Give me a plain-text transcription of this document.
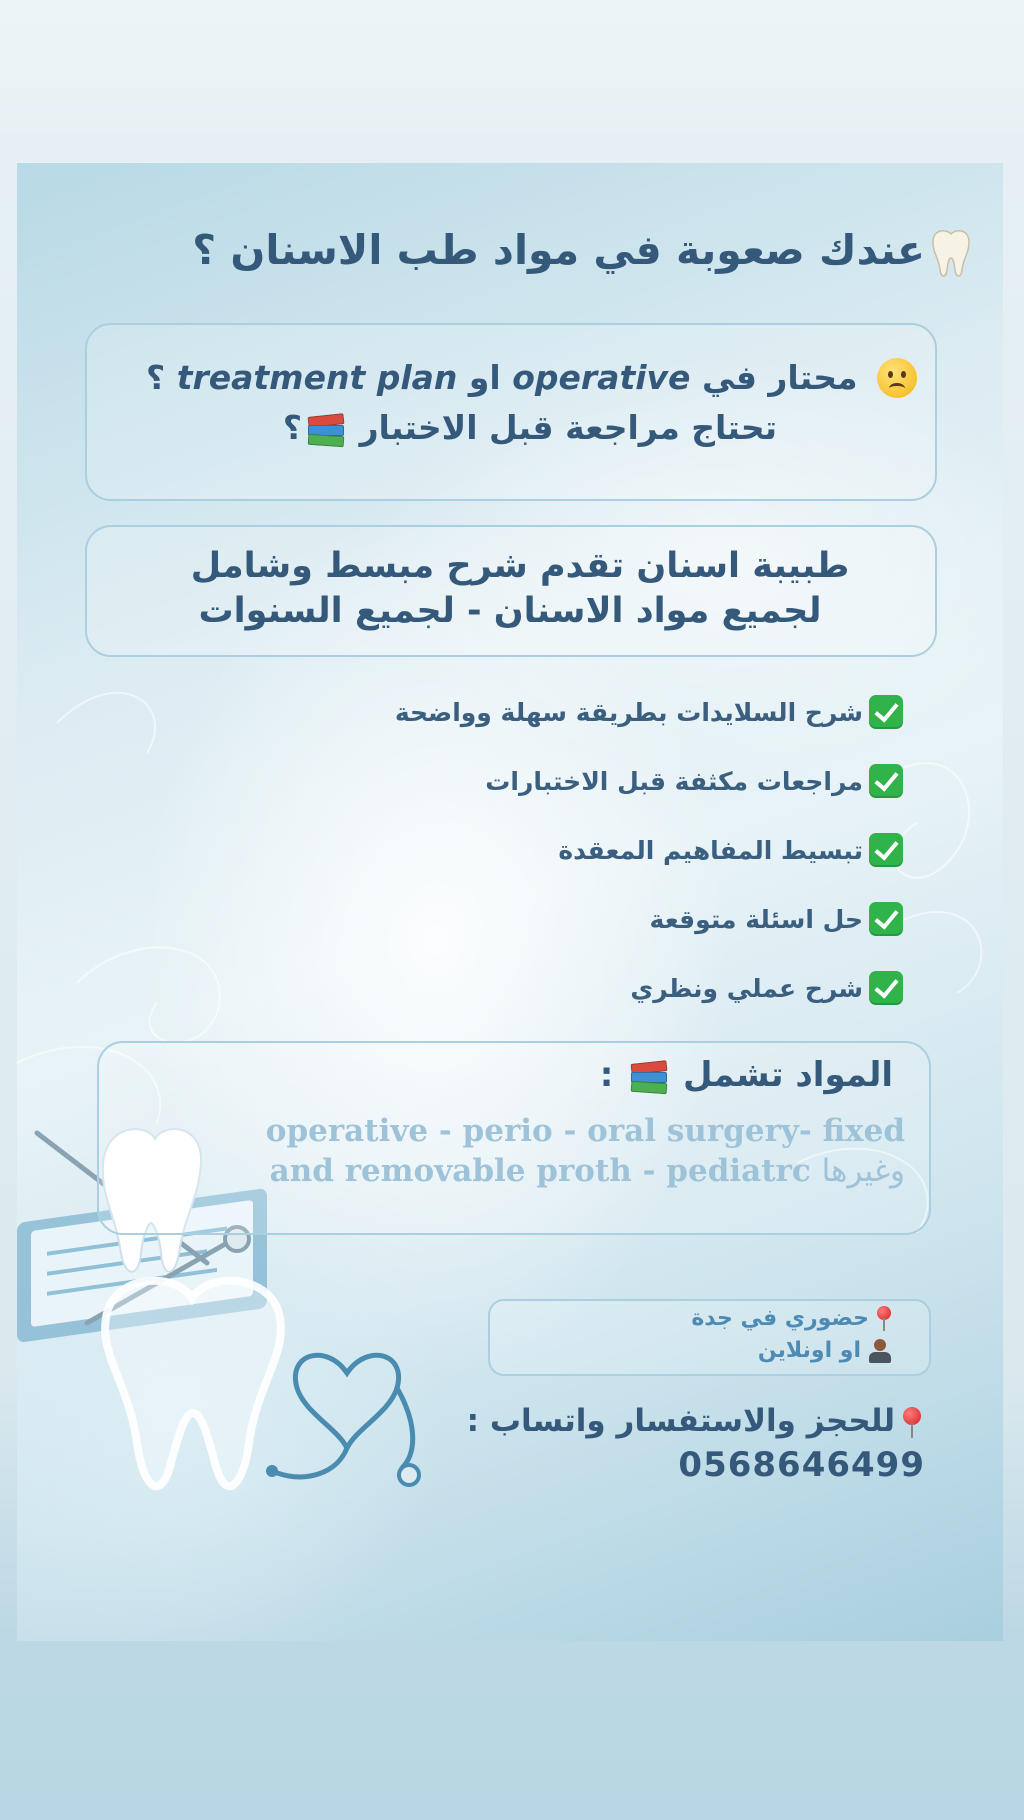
عندك صعوبة في مواد طب الاسنان ؟
محتار في operative او treatment plan ؟
تحتاج مراجعة قبل الاختبار
؟
طبيبة اسنان تقدم شرح مبسط وشامل
لجميع مواد الاسنان - لجميع السنوات
شرح السلايدات بطريقة سهلة وواضحة
مراجعات مكثفة قبل الاختبارات
تبسيط المفاهيم المعقدة
حل اسئلة متوقعة
شرح عملي ونظري
المواد تشمل
:
operative - perio - oral surgery- fixed
and removable proth - pediatrc وغيرها
حضوري في جدة
او اونلاين
للحجز والاستفسار واتساب :
0568646499
